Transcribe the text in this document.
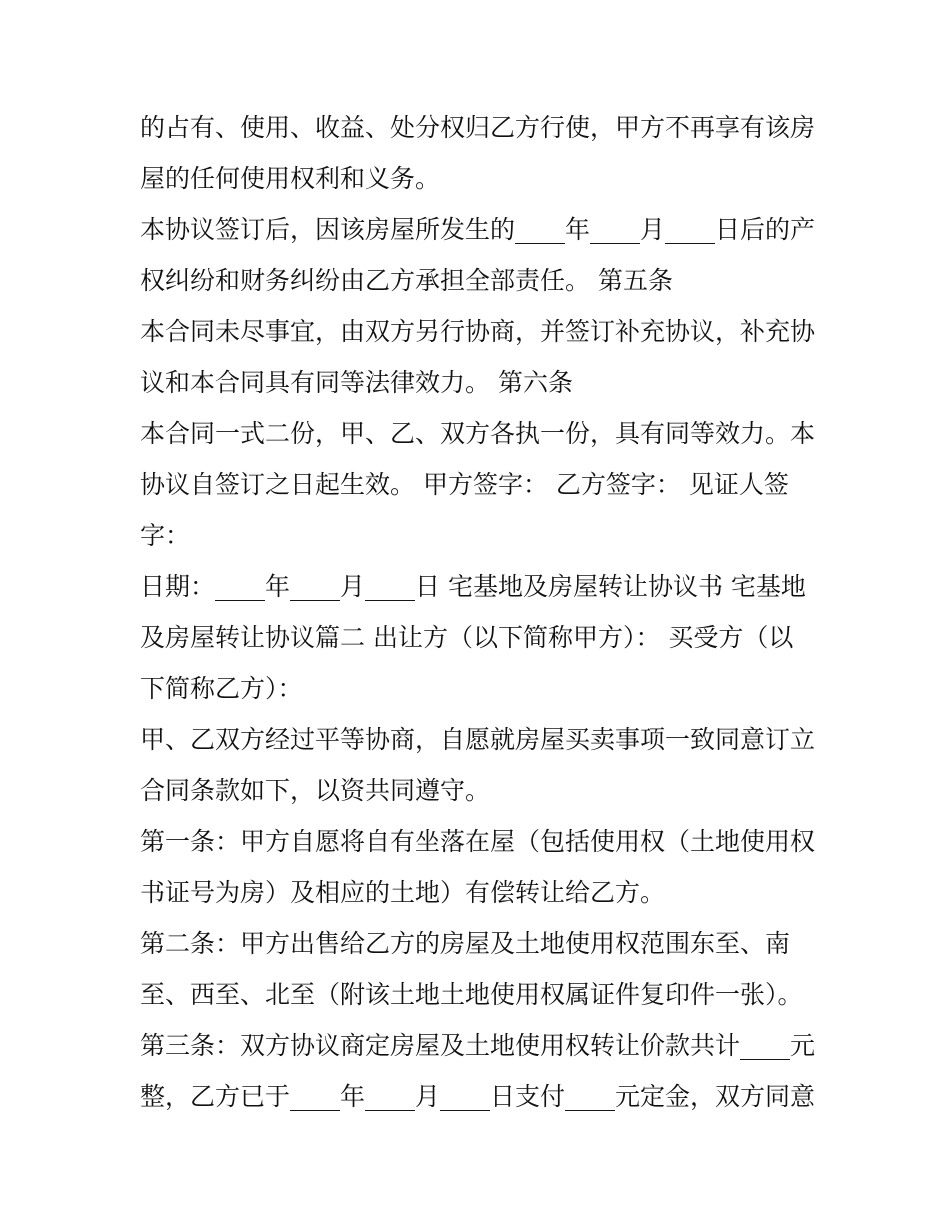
的占有、使用、收益、处分权归乙方行使，甲方不再享有该房
屋的任何使用权利和义务。
本协议签订后，因该房屋所发生的____年____月____日后的产
权纠纷和财务纠纷由乙方承担全部责任。 第五条
本合同未尽事宜，由双方另行协商，并签订补充协议，补充协
议和本合同具有同等法律效力。 第六条
本合同一式二份，甲、乙、双方各执一份，具有同等效力。本
协议自签订之日起生效。 甲方签字： 乙方签字： 见证人签
字：
日期：____年____月____日 宅基地及房屋转让协议书 宅基地
及房屋转让协议篇二 出让方（以下简称甲方）： 买受方（以
下简称乙方）：
甲、乙双方经过平等协商，自愿就房屋买卖事项一致同意订立
合同条款如下，以资共同遵守。
第一条：甲方自愿将自有坐落在屋（包括使用权（土地使用权
书证号为房）及相应的土地）有偿转让给乙方。
第二条：甲方出售给乙方的房屋及土地使用权范围东至、南
至、西至、北至（附该土地土地使用权属证件复印件一张）。
第三条：双方协议商定房屋及土地使用权转让价款共计____元
整，乙方已于____年____月____日支付____元定金，双方同意
